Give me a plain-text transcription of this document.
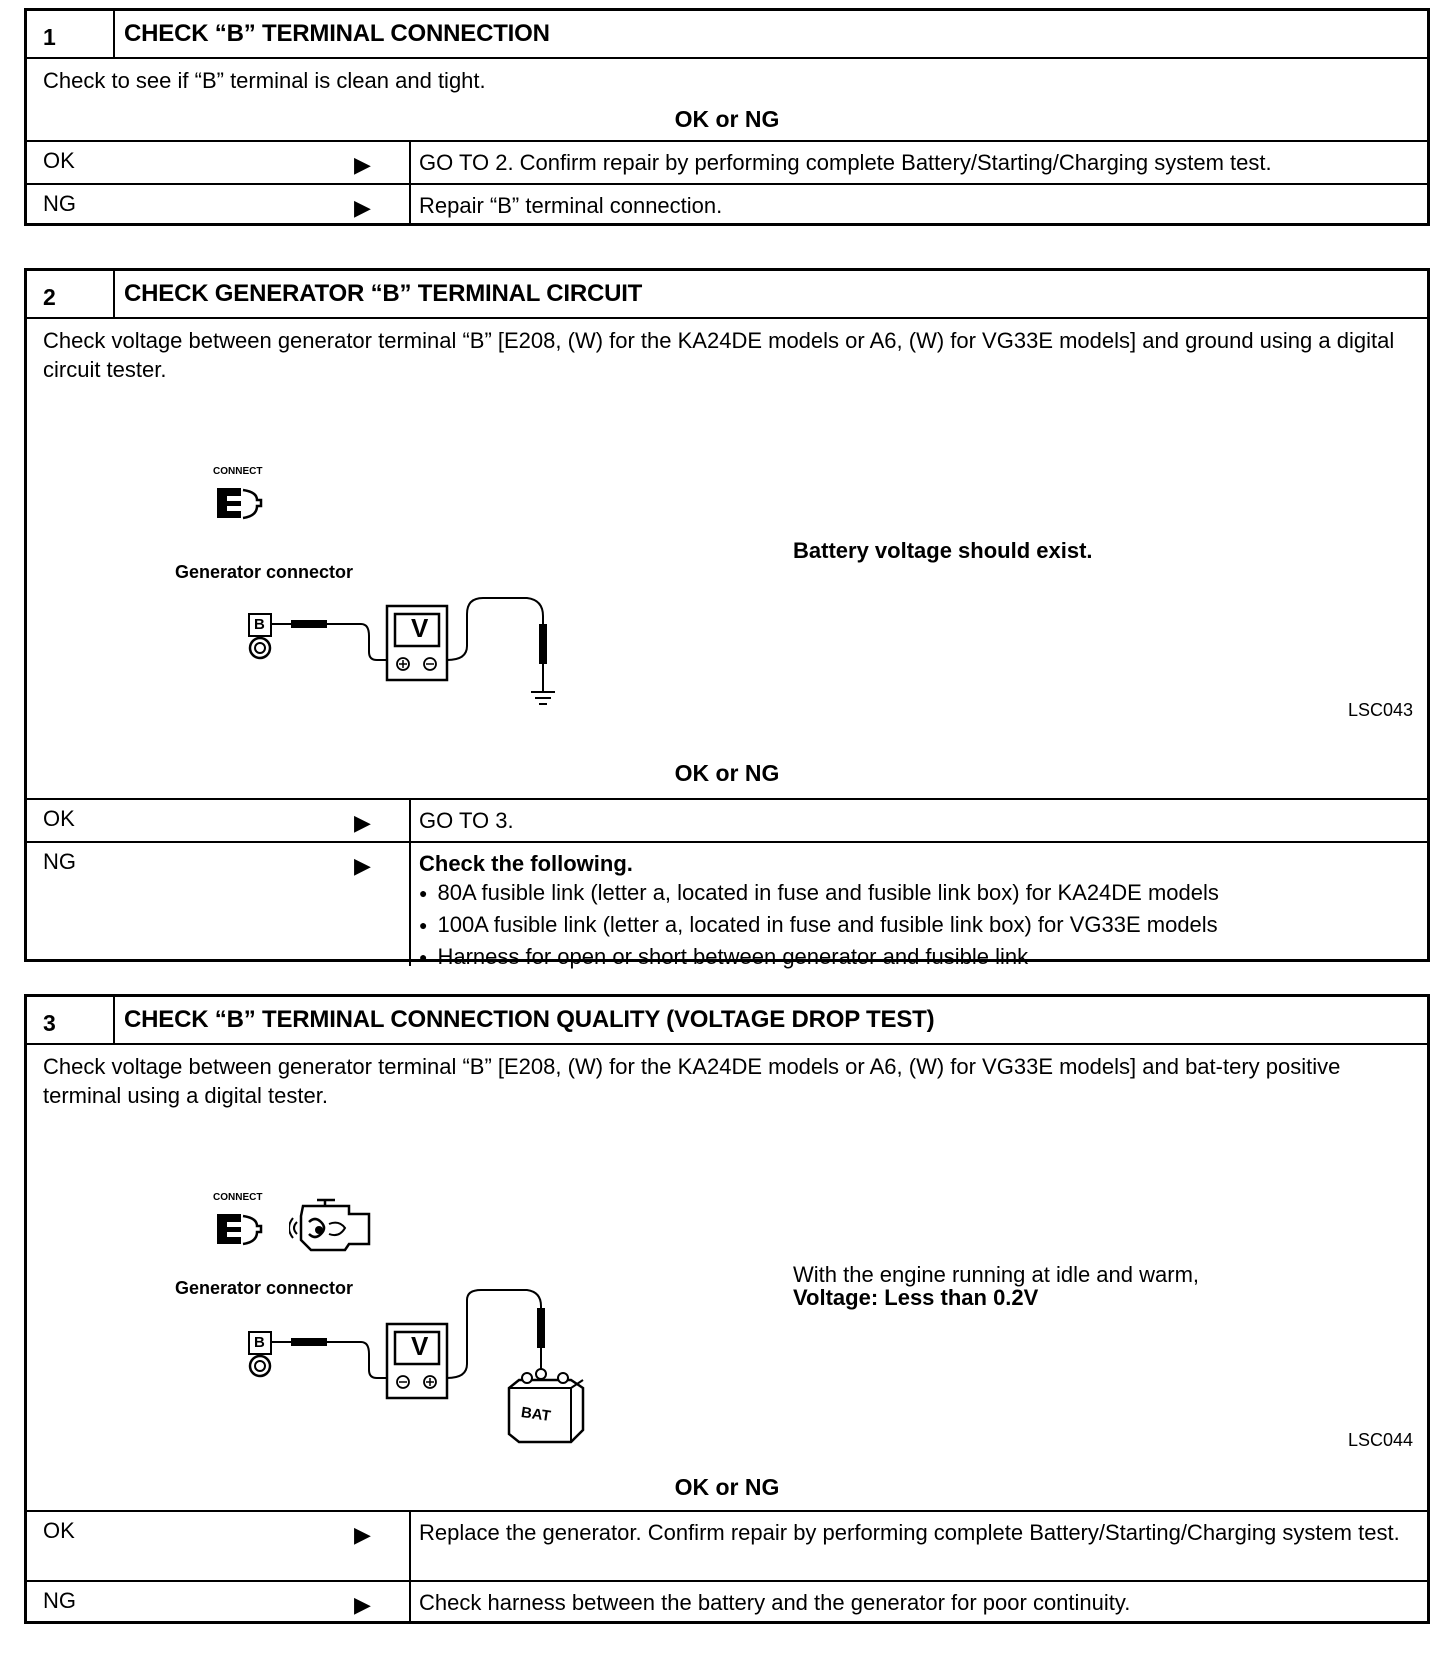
1	CHECK “B” TERMINAL CONNECTION
Check to see if “B” terminal is clean and tight.
OK or NG
OK	▶	GO TO 2. Confirm repair by performing complete Battery/Starting/Charging system test.
NG	▶	Repair “B” terminal connection.
2	CHECK GENERATOR “B” TERMINAL CIRCUIT
Check voltage between generator terminal “B” [E208, (W) for the KA24DE models or A6, (W) for VG33E models] and ground using a digital circuit tester.
CONNECT
Generator connector
B	V
Battery voltage should exist.
LSC043
OK or NG
OK	▶	GO TO 3.
NG	▶ Check the following.
● 80A fusible link (letter a, located in fuse and fusible link box) for KA24DE models
● 100A fusible link (letter a, located in fuse and fusible link box) for VG33E models
● Harness for open or short between generator and fusible link
3	CHECK “B” TERMINAL CONNECTION QUALITY (VOLTAGE DROP TEST)
Check voltage between generator terminal “B” [E208, (W) for the KA24DE models or A6, (W) for VG33E models] and bat-tery positive terminal using a digital tester.
CONNECT
Generator connector
B	V
BAT
With the engine running at idle and warm,
Voltage: Less than 0.2V
LSC044
OK or NG
OK	▶	Replace the generator. Confirm repair by performing complete Battery/Starting/Charging system test.
NG	▶	Check harness between the battery and the generator for poor continuity.
